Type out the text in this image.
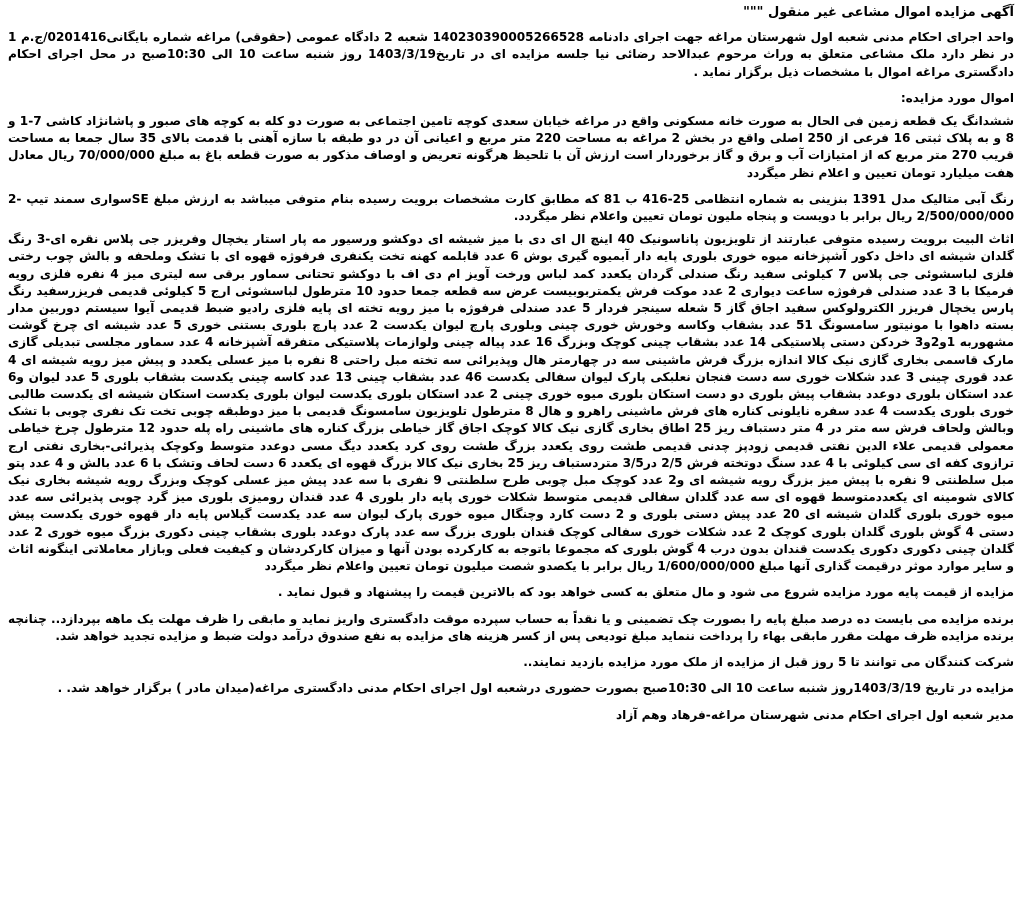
آگهی مزایده اموال مشاعی غیر منقول """

واحد اجرای احکام مدنی شعبه اول شهرستان مراغه جهت اجرای دادنامه 140230390005266528 شعبه 2 دادگاه عمومی (حقوقی) مراغه شماره بایگانی0201416/ج.م 1 در نظر دارد ملک مشاعی متعلق به وراث مرحوم عبدالاحد رضائی نیا جلسه مزایده ای در تاریخ1403/3/19 روز شنبه ساعت 10 الی 10:30صبح در محل اجرای احکام دادگستری مراغه اموال با مشخصات ذیل برگزار نماید .

اموال مورد مزایده:

ششدانگ یک قطعه زمین فی الحال به صورت خانه مسکونی واقع در مراغه خیابان سعدی کوچه تامین اجتماعی به صورت دو کله به کوچه های صبور و پاشانژاد کاشی 7-1 و 8 و به پلاک ثبتی 16 فرعی از 250 اصلی واقع در بخش 2 مراغه به مساحت 220 متر مربع و اعیانی آن در دو طبقه با سازه آهنی با قدمت بالای 35 سال جمعا به مساحت قریب 270 متر مربع که از امتیازات آب و برق و گاز برخوردار است ارزش آن با تلحیظ هرگونه تعریض و اوصاف مذکور به صورت قطعه باغ به مبلغ 70/000/000 ریال معادل هفت میلیارد تومان تعیین و اعلام نظر میگردد

رنگ آبی متالیک مدل 1391 بنزینی به شماره انتظامی 25-416 ب 81 که مطابق کارت مشخصات برویت رسیده بنام متوفی میباشد به ارزش مبلغ SEسواری سمند تیپ -2 2/500/000/000 ریال برابر با دویست و پنجاه ملیون تومان تعیین واعلام نظر میگردد.

اثاث البیت برویت رسیده متوفی عبارتند از تلویزیون پاناسونیک 40 اینچ ال ای دی با میز شیشه ای دوکشو ورسیور مه پار استار یخچال وفریزر جی پلاس نقره ای-3 رنگ گلدان شیشه ای داخل دکور آشپزخانه میوه خوری بلوری پایه دار آبمیوه گیری بوش 6 عدد قابلمه کهنه تخت یکنفری فرفوژه قهوه ای با تشک وملحفه و بالش چوب رختی فلزی لباسشوئی جی پلاس 7 کیلوئی سفید رنگ صندلی گردان یکعدد کمد لباس ورخت آویز ام دی اف با دوکشو تحتانی سماور برقی سه لیتری میز 4 نفره فلزی رویه فرمیکا با 3 عدد صندلی فرفوژه ساعت دیواری 2 عدد موکت فرش یکمتربوبیست عرض سه قطعه جمعا حدود 10 مترطول لباسشوئی ارج 5 کیلوئی قدیمی فریزرسفید رنگ پارس یخچال فریزر الکترولوکس سفید اجاق گاز 5 شعله سینجر فردار 5 عدد صندلی فرفوژه با میز رویه تخته ای پایه فلزی رادیو ضبط قدیمی آیوا سیستم دوربین مدار بسته داهوا با مونیتور سامسونگ 51 عدد بشقاب وکاسه وخورش خوری چینی وبلوری پارچ لیوان یکدست 2 عدد پارچ بلوری بستنی خوری 5 عدد شیشه ای چرخ گوشت مشهوربه 1و2و3 خردکن دستی پلاستیکی 14 عدد بشقاب چینی کوچک وبزرگ 16 عدد پیاله چینی ولوازمات پلاستیکی متفرقه آشپزخانه 4 عدد سماور مجلسی تبدیلی گازی مارک قاسمی بخاری گازی نیک کالا اندازه بزرگ فرش ماشینی سه در چهارمتر هال وپذیرائی سه تخته مبل راحتی 8 نفره با میز عسلی یکعدد و پیش میز رویه شیشه ای 4 عدد قوری چینی 3 عدد شکلات خوری سه دست فنجان نعلبکی پارک لیوان سفالی یکدست 46 عدد بشقاب چینی 13 عدد کاسه چینی یکدست بشقاب بلوری 5 عدد لیوان و6 عدد استکان بلوری دوعدد بشقاب پیش بلوری دو دست استکان بلوری میوه خوری چینی 2 عدد استکان بلوری یکدست لیوان بلوری یکدست استکان شیشه ای یکدست طالبی خوری بلوری یکدست 4 عدد سفره نایلونی کناره های فرش ماشینی راهرو و هال 8 مترطول تلویزیون سامسونگ قدیمی با میز دوطبقه چوبی تخت تک نفری چوبی با تشک وبالش ولحاف فرش سه متر در 4 متر دستباف ریز 25 اطاق بخاری گازی نیک کالا کوچک اجاق گاز خیاطی بزرگ کناره های ماشینی راه پله حدود 12 مترطول چرخ خیاطی معمولی قدیمی علاء الدین نفتی قدیمی زودپز چدنی قدیمی طشت روی یکعدد بزرگ طشت روی کرد یکعدد دیگ مسی دوعدد متوسط وکوچک پذیرائی-بخاری نفتی ارج ترازوی کفه ای سی کیلوئی با 4 عدد سنگ دوتخته فرش 2/5 در3/5 متردستباف ریز 25 بخاری نیک کالا بزرگ قهوه ای یکعدد 6 دست لحاف وتشک با 6 عدد بالش و 4 عدد پتو مبل سلطنتی 9 نفره با پیش میز بزرگ رویه شیشه ای و2 عدد کوچک مبل چوبی طرح سلطنتی 9 نفری با سه عدد پیش میز عسلی کوچک وبزرگ رویه شیشه بخاری نیک کالای شومینه ای یکعددمتوسط قهوه ای سه عدد گلدان سفالی قدیمی متوسط شکلات خوری پایه دار بلوری 4 عدد قندان رومیزی بلوری میز گرد چوبی پذیرائی سه عدد میوه خوری بلوری گلدان شیشه ای 20 عدد پیش دستی بلوری و 2 دست کارد وچنگال میوه خوری پارک لیوان سه عدد یکدست گیلاس پایه دار قهوه خوری یکدست پیش دستی 4 گوش بلوری گلدان بلوری کوچک 2 عدد شکلات خوری سفالی کوچک قندان بلوری بزرگ سه عدد پارک دوعدد بلوری بشقاب چینی دکوری بزرگ میوه خوری 2 عدد گلدان چینی دکوری دکوری یکدست قندان بدون درب 4 گوش بلوری که مجموعا باتوجه به کارکرده بودن آنها و میزان کارکردشان و کیفیت فعلی وبازار معاملاتی اینگونه اثاث و سایر موارد موثر درقیمت گذاری آنها مبلغ 1/600/000/000 ریال برابر با یکصدو شصت میلیون تومان تعیین واعلام نظر میگردد

مزایده از قیمت پایه مورد مزایده شروع می شود و مال متعلق به کسی خواهد بود که بالاترین قیمت را پیشنهاد و قبول نماید .

برنده مزایده می بایست ده درصد مبلغ پایه را بصورت چک تضمینی و یا نقداً به حساب سپرده موقت دادگستری واریز نماید و مابقی را ظرف مهلت یک ماهه بپردازد.. چنانچه برنده مزایده ظرف مهلت مقرر مابقی بهاء را پرداخت ننماید مبلغ تودیعی پس از کسر هزینه های مزایده به نفع صندوق درآمد دولت ضبط و مزایده تجدید خواهد شد.

شرکت کنندگان می توانند تا 5 روز قبل از مزایده از ملک مورد مزایده بازدید نمایند..

مزایده در تاریخ 1403/3/19روز شنبه ساعت 10 الی 10:30صبح بصورت حضوری درشعبه اول اجرای احکام مدنی دادگستری مراغه(میدان مادر ) برگزار خواهد شد. .

مدیر شعبه اول اجرای احکام مدنی شهرستان مراغه-فرهاد وهم آزاد
